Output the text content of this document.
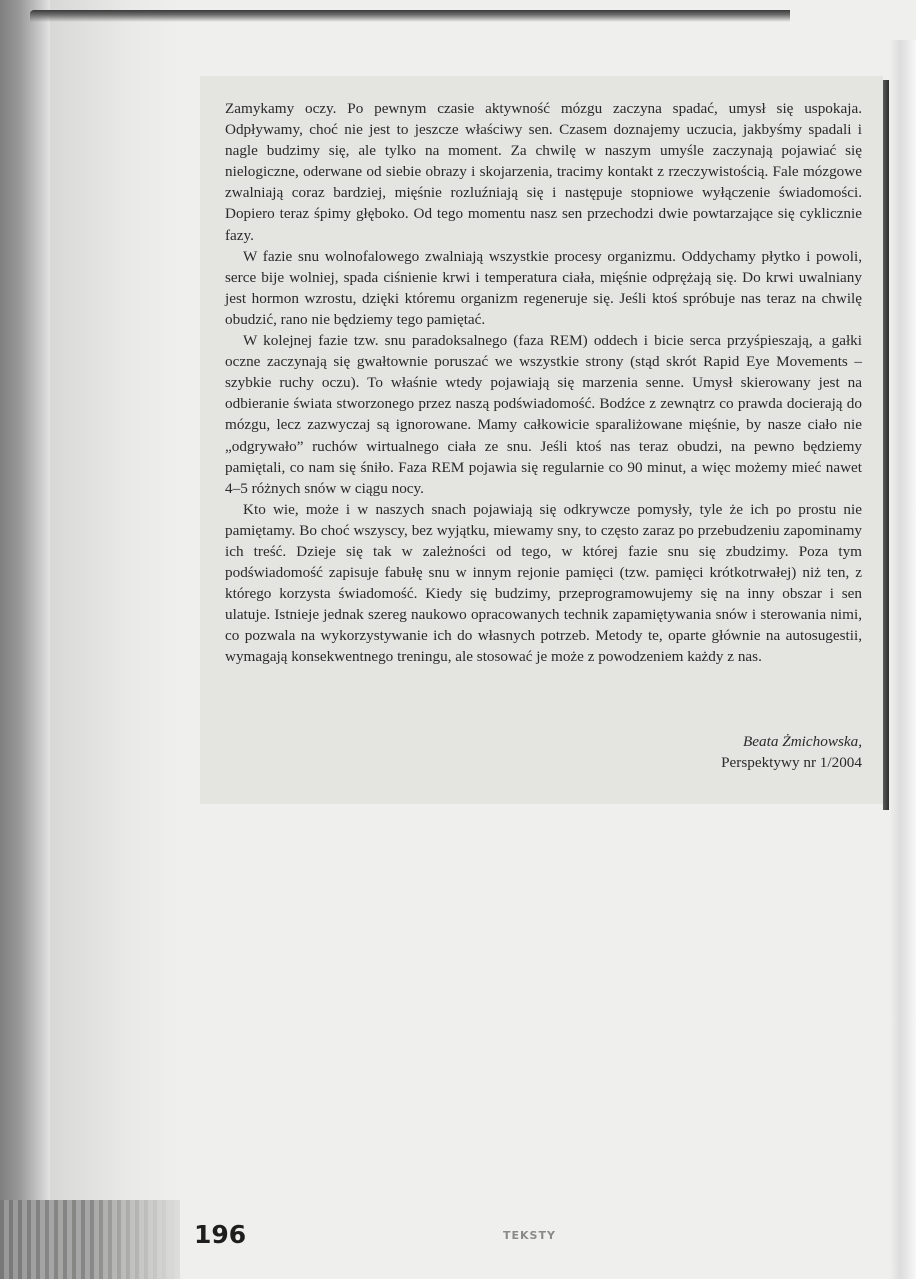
Zamykamy oczy. Po pewnym czasie aktywność mózgu zaczyna spadać, umysł się uspokaja. Odpływamy, choć nie jest to jeszcze właściwy sen. Czasem doznajemy uczucia, jakbyśmy spadali i nagle budzimy się, ale tylko na moment. Za chwilę w naszym umyśle zaczynają pojawiać się nielogiczne, oderwane od siebie obrazy i skojarzenia, tracimy kontakt z rzeczywistością. Fale mózgowe zwalniają coraz bardziej, mięśnie rozluźniają się i następuje stopniowe wyłączenie świadomości. Dopiero teraz śpimy głęboko. Od tego momentu nasz sen przechodzi dwie powtarzające się cyklicznie fazy.

W fazie snu wolnofalowego zwalniają wszystkie procesy organizmu. Oddychamy płytko i powoli, serce bije wolniej, spada ciśnienie krwi i temperatura ciała, mięśnie odprężają się. Do krwi uwalniany jest hormon wzrostu, dzięki któremu organizm regeneruje się. Jeśli ktoś spróbuje nas teraz na chwilę obudzić, rano nie będziemy tego pamiętać.

W kolejnej fazie tzw. snu paradoksalnego (faza REM) oddech i bicie serca przyśpieszają, a gałki oczne zaczynają się gwałtownie poruszać we wszystkie strony (stąd skrót Rapid Eye Movements – szybkie ruchy oczu). To właśnie wtedy pojawiają się marzenia senne. Umysł skierowany jest na odbieranie świata stworzonego przez naszą podświadomość. Bodźce z zewnątrz co prawda docierają do mózgu, lecz zazwyczaj są ignorowane. Mamy całkowicie sparaliżowane mięśnie, by nasze ciało nie „odgrywało” ruchów wirtualnego ciała ze snu. Jeśli ktoś nas teraz obudzi, na pewno będziemy pamiętali, co nam się śniło. Faza REM pojawia się regularnie co 90 minut, a więc możemy mieć nawet 4–5 różnych snów w ciągu nocy.

Kto wie, może i w naszych snach pojawiają się odkrywcze pomysły, tyle że ich po prostu nie pamiętamy. Bo choć wszyscy, bez wyjątku, miewamy sny, to często zaraz po przebudzeniu zapominamy ich treść. Dzieje się tak w zależności od tego, w której fazie snu się zbudzimy. Poza tym podświadomość zapisuje fabułę snu w innym rejonie pamięci (tzw. pamięci krótkotrwałej) niż ten, z którego korzysta świadomość. Kiedy się budzimy, przeprogramowujemy się na inny obszar i sen ulatuje. Istnieje jednak szereg naukowo opracowanych technik zapamiętywania snów i sterowania nimi, co pozwala na wykorzystywanie ich do własnych potrzeb. Metody te, oparte głównie na autosugestii, wymagają konsekwentnego treningu, ale stosować je może z powodzeniem każdy z nas.

Beata Żmichowska,
Perspektywy nr 1/2004
196	TEKSTY
